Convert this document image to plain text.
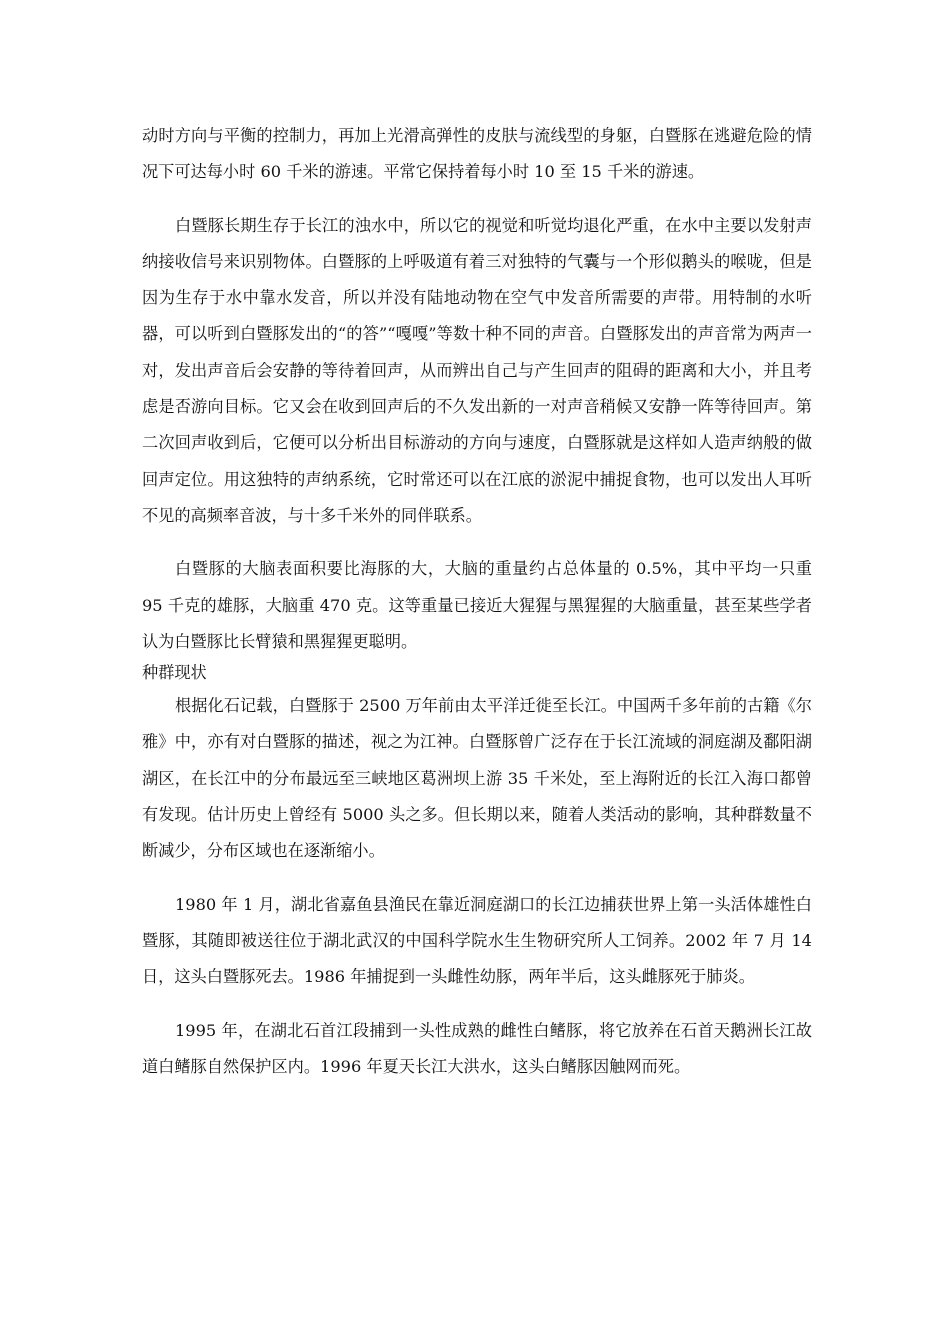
动时方向与平衡的控制力，再加上光滑高弹性的皮肤与流线型的身躯，白暨豚在逃避危险的情况下可达每小时 60 千米的游速。平常它保持着每小时 10 至 15 千米的游速。

白暨豚长期生存于长江的浊水中，所以它的视觉和听觉均退化严重，在水中主要以发射声纳接收信号来识别物体。白暨豚的上呼吸道有着三对独特的气囊与一个形似鹅头的喉咙，但是因为生存于水中靠水发音，所以并没有陆地动物在空气中发音所需要的声带。用特制的水听器，可以听到白暨豚发出的“的答”“嘎嘎”等数十种不同的声音。白暨豚发出的声音常为两声一对，发出声音后会安静的等待着回声，从而辨出自己与产生回声的阻碍的距离和大小，并且考虑是否游向目标。它又会在收到回声后的不久发出新的一对声音稍候又安静一阵等待回声。第二次回声收到后，它便可以分析出目标游动的方向与速度，白暨豚就是这样如人造声纳般的做回声定位。用这独特的声纳系统，它时常还可以在江底的淤泥中捕捉食物，也可以发出人耳听不见的高频率音波，与十多千米外的同伴联系。

白暨豚的大脑表面积要比海豚的大，大脑的重量约占总体量的 0.5%，其中平均一只重 95 千克的雄豚，大脑重 470 克。这等重量已接近大猩猩与黑猩猩的大脑重量，甚至某些学者认为白暨豚比长臂猿和黑猩猩更聪明。

种群现状

根据化石记载，白暨豚于 2500 万年前由太平洋迁徙至长江。中国两千多年前的古籍《尔雅》中，亦有对白暨豚的描述，视之为江神。白暨豚曾广泛存在于长江流域的洞庭湖及鄱阳湖湖区，在长江中的分布最远至三峡地区葛洲坝上游 35 千米处，至上海附近的长江入海口都曾有发现。估计历史上曾经有 5000 头之多。但长期以来，随着人类活动的影响，其种群数量不断减少，分布区域也在逐渐缩小。

1980 年 1 月，湖北省嘉鱼县渔民在靠近洞庭湖口的长江边捕获世界上第一头活体雄性白暨豚，其随即被送往位于湖北武汉的中国科学院水生生物研究所人工饲养。2002 年 7 月 14 日，这头白暨豚死去。1986 年捕捉到一头雌性幼豚，两年半后，这头雌豚死于肺炎。

1995 年，在湖北石首江段捕到一头性成熟的雌性白鳍豚，将它放养在石首天鹅洲长江故道白鳍豚自然保护区内。1996 年夏天长江大洪水，这头白鳍豚因触网而死。
